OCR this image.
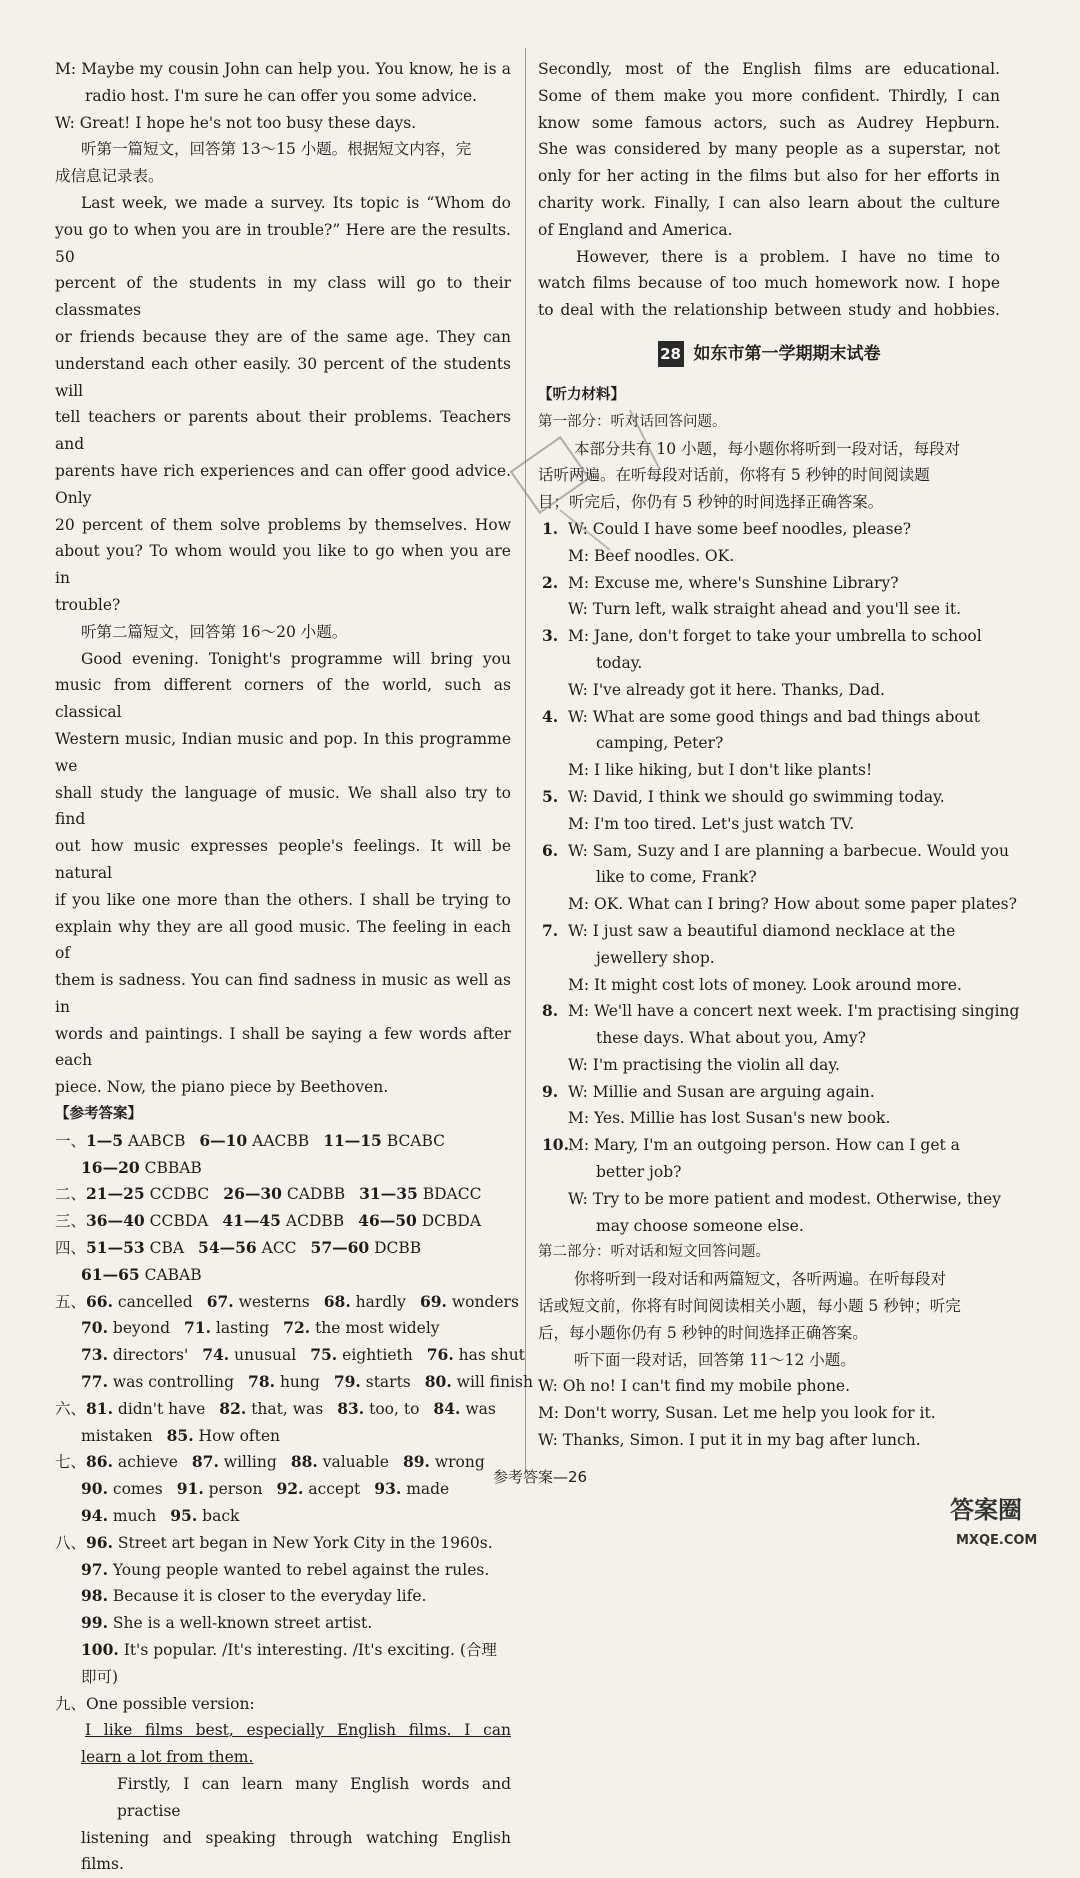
M: Maybe my cousin John can help you. You know, he is a
radio host. I'm sure he can offer you some advice.
W: Great! I hope he's not too busy these days.
听第一篇短文，回答第 13～15 小题。根据短文内容，完
成信息记录表。
Last week, we made a survey. Its topic is “Whom do
you go to when you are in trouble?” Here are the results. 50
percent of the students in my class will go to their classmates
or friends because they are of the same age. They can
understand each other easily. 30 percent of the students will
tell teachers or parents about their problems. Teachers and
parents have rich experiences and can offer good advice. Only
20 percent of them solve problems by themselves. How
about you? To whom would you like to go when you are in
trouble?
听第二篇短文，回答第 16～20 小题。
Good evening. Tonight's programme will bring you
music from different corners of the world, such as classical
Western music, Indian music and pop. In this programme we
shall study the language of music. We shall also try to find
out how music expresses people's feelings. It will be natural
if you like one more than the others. I shall be trying to
explain why they are all good music. The feeling in each of
them is sadness. You can find sadness in music as well as in
words and paintings. I shall be saying a few words after each
piece. Now, the piano piece by Beethoven.
【参考答案】
一、1—5 AABCB 6—10 AACBB 11—15 BCABC
16—20 CBBAB
二、21—25 CCDBC 26—30 CADBB 31—35 BDACC
三、36—40 CCBDA 41—45 ACDBB 46—50 DCBDA
四、51—53 CBA 54—56 ACC 57—60 DCBB
61—65 CABAB
五、66. cancelled 67. westerns 68. hardly 69. wonders
70. beyond 71. lasting 72. the most widely
73. directors' 74. unusual 75. eightieth 76. has shut
77. was controlling 78. hung 79. starts 80. will finish
六、81. didn't have 82. that, was 83. too, to 84. was
mistaken 85. How often
七、86. achieve 87. willing 88. valuable 89. wrong
90. comes 91. person 92. accept 93. made
94. much 95. back
八、96. Street art began in New York City in the 1960s.
97. Young people wanted to rebel against the rules.
98. Because it is closer to the everyday life.
99. She is a well-known street artist.
100. It's popular. /It's interesting. /It's exciting. (合理
即可)
九、One possible version:
I like films best, especially English films. I can
learn a lot from them.
Firstly, I can learn many English words and practise
listening and speaking through watching English films.
Secondly, most of the English films are educational.
Some of them make you more confident. Thirdly, I can
know some famous actors, such as Audrey Hepburn.
She was considered by many people as a superstar, not
only for her acting in the films but also for her efforts in
charity work. Finally, I can also learn about the culture
of England and America.
However, there is a problem. I have no time to
watch films because of too much homework now. I hope
to deal with the relationship between study and hobbies.
28 如东市第一学期期末试卷
【听力材料】
第一部分：听对话回答问题。
本部分共有 10 小题，每小题你将听到一段对话，每段对
话听两遍。在听每段对话前，你将有 5 秒钟的时间阅读题
目；听完后，你仍有 5 秒钟的时间选择正确答案。
1. W: Could I have some beef noodles, please?
M: Beef noodles. OK.
2. M: Excuse me, where's Sunshine Library?
W: Turn left, walk straight ahead and you'll see it.
3. M: Jane, don't forget to take your umbrella to school
today.
W: I've already got it here. Thanks, Dad.
4. W: What are some good things and bad things about
camping, Peter?
M: I like hiking, but I don't like plants!
5. W: David, I think we should go swimming today.
M: I'm too tired. Let's just watch TV.
6. W: Sam, Suzy and I are planning a barbecue. Would you
like to come, Frank?
M: OK. What can I bring? How about some paper plates?
7. W: I just saw a beautiful diamond necklace at the
jewellery shop.
M: It might cost lots of money. Look around more.
8. M: We'll have a concert next week. I'm practising singing
these days. What about you, Amy?
W: I'm practising the violin all day.
9. W: Millie and Susan are arguing again.
M: Yes. Millie has lost Susan's new book.
10.M: Mary, I'm an outgoing person. How can I get a
better job?
W: Try to be more patient and modest. Otherwise, they
may choose someone else.
第二部分：听对话和短文回答问题。
你将听到一段对话和两篇短文，各听两遍。在听每段对
话或短文前，你将有时间阅读相关小题，每小题 5 秒钟；听完
后，每小题你仍有 5 秒钟的时间选择正确答案。
听下面一段对话，回答第 11～12 小题。
W: Oh no! I can't find my mobile phone.
M: Don't worry, Susan. Let me help you look for it.
W: Thanks, Simon. I put it in my bag after lunch.
参考答案—26
答案圈
MXQE.COM
